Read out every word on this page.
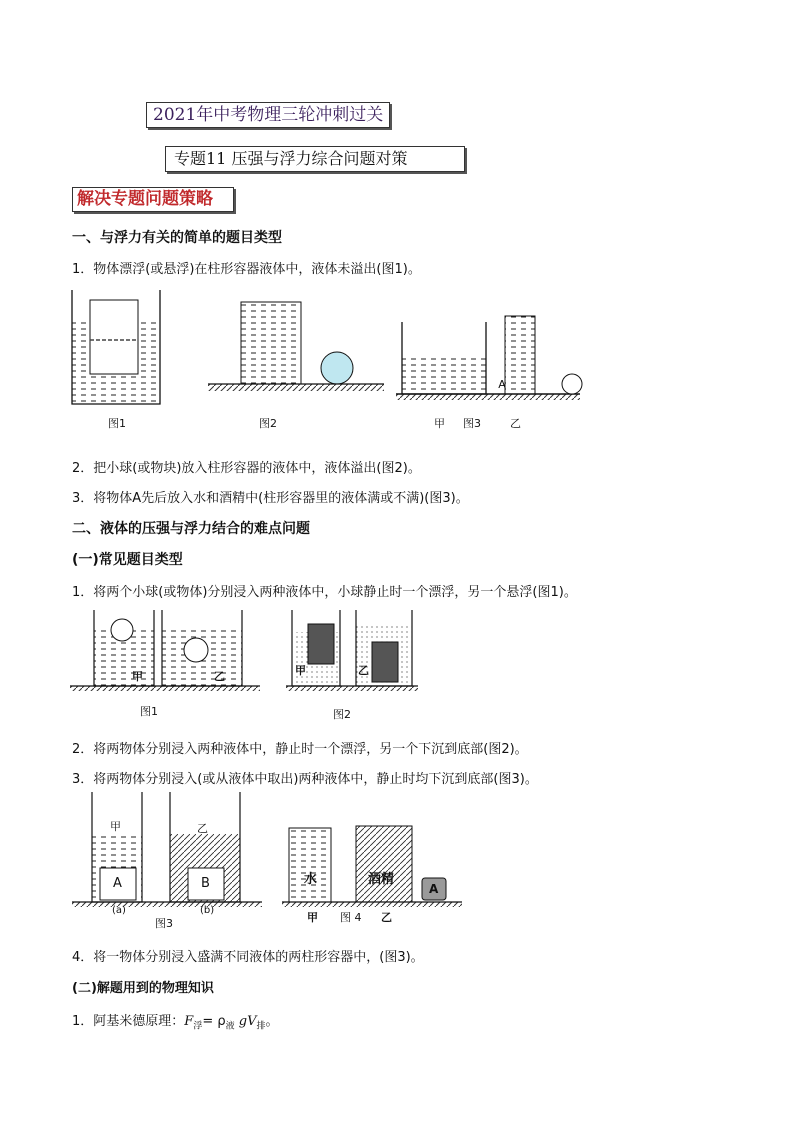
2021年中考物理三轮冲刺过关
专题11 压强与浮力综合问题对策
解决专题问题策略
一、与浮力有关的简单的题目类型
1．物体漂浮(或悬浮)在柱形容器液体中，液体未溢出(图1)。
A
图1	图2	甲 图3	乙
2．把小球(或物块)放入柱形容器的液体中，液体溢出(图2)。
3．将物体A先后放入水和酒精中(柱形容器里的液体满或不满)(图3)。
二、液体的压强与浮力结合的难点问题
(一)常见题目类型
1．将两个小球(或物体)分别浸入两种液体中，小球静止时一个漂浮，另一个悬浮(图1)。
甲	乙	甲	乙
图1	图2
2．将两物体分别浸入两种液体中，静止时一个漂浮，另一个下沉到底部(图2)。
3．将两物体分别浸入(或从液体中取出)两种液体中，静止时均下沉到底部(图3)。
甲	乙
A	B
(a)	(b)
图3
水	酒精
A
甲 图 4 乙
4．将一物体分别浸入盛满不同液体的两柱形容器中，(图3)。
(二)解题用到的物理知识
1．阿基米德原理：$F_浮= \rho_液$ $gV_排$。
